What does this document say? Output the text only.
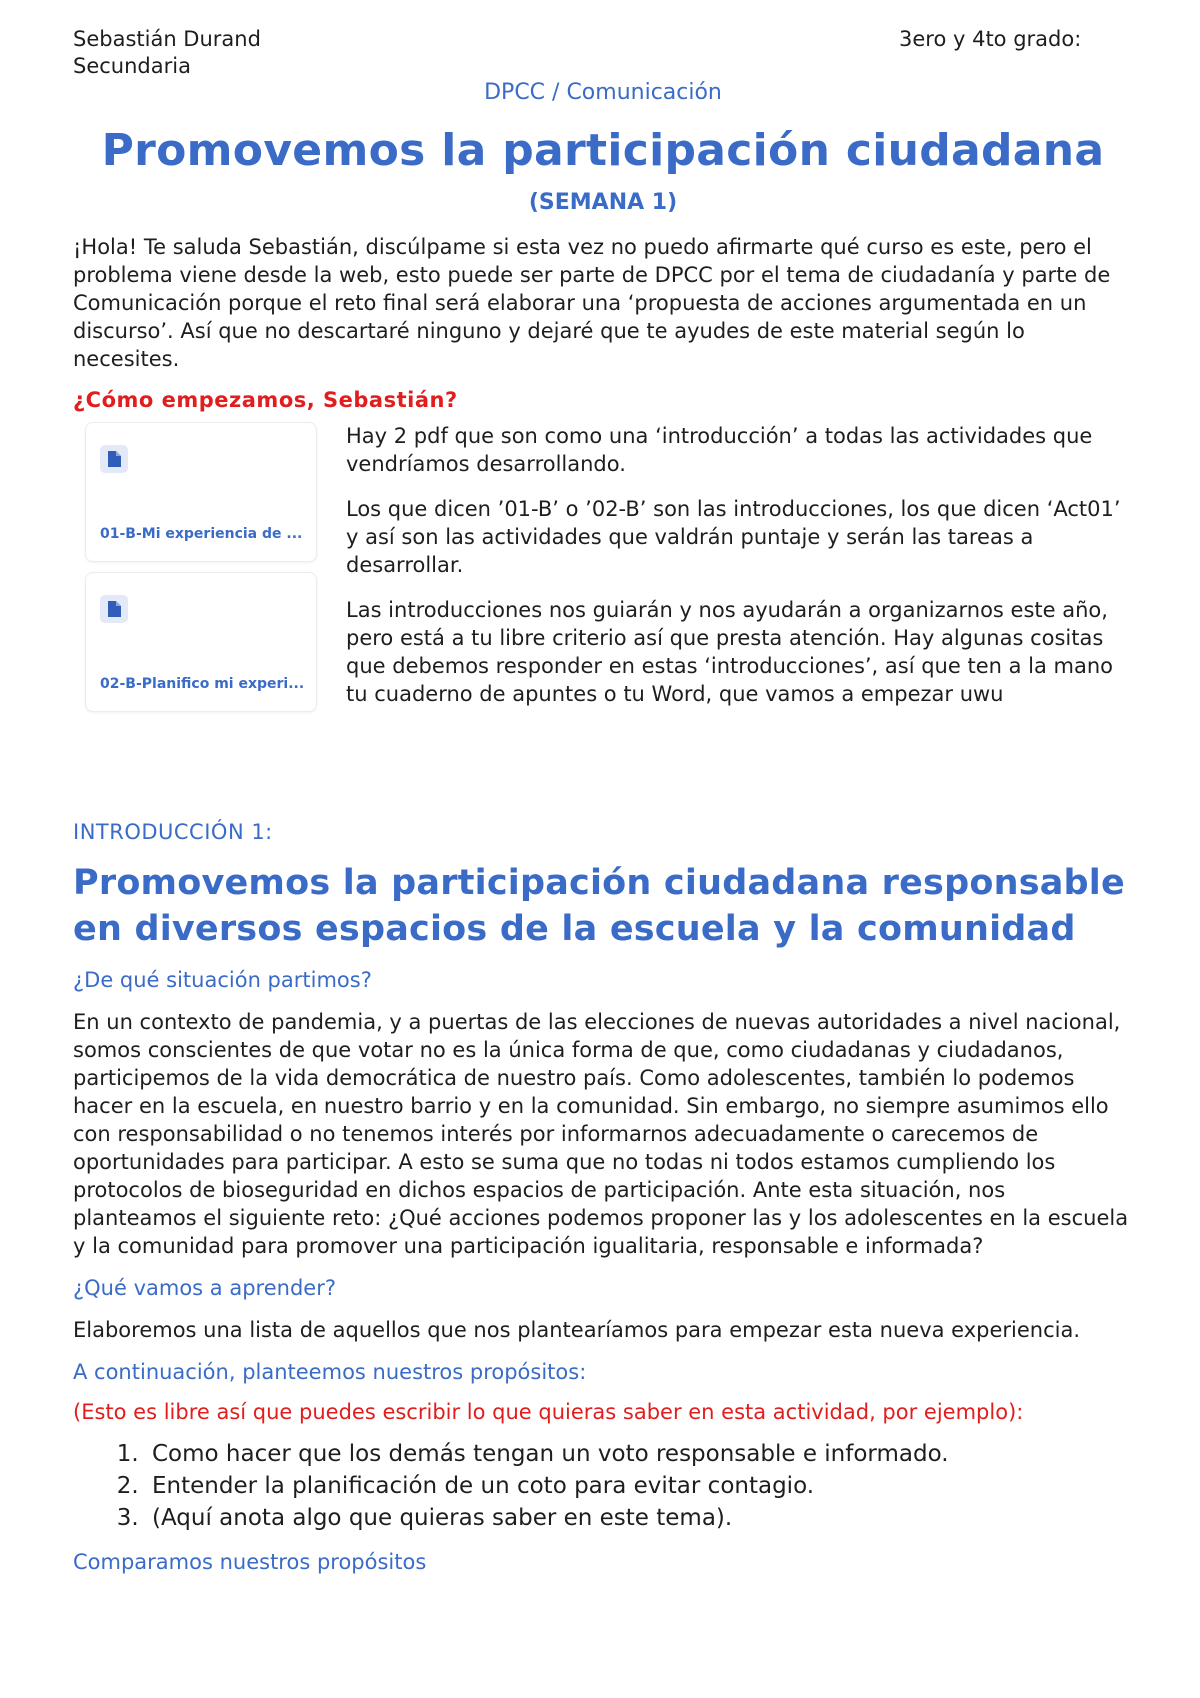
Sebastián Durand
Secundaria
3ero y 4to grado:
DPCC / Comunicación
Promovemos la participación ciudadana
(SEMANA 1)

¡Hola! Te saluda Sebastián, discúlpame si esta vez no puedo afirmarte qué curso es este, pero el problema viene desde la web, esto puede ser parte de DPCC por el tema de ciudadanía y parte de Comunicación porque el reto final será elaborar una ‘propuesta de acciones argumentada en un discurso’. Así que no descartaré ninguno y dejaré que te ayudes de este material según lo necesites.

¿Cómo empezamos, Sebastián?
01-B-Mi experiencia de ...
02-B-Planifico mi experi...

Hay 2 pdf que son como una ‘introducción’ a todas las actividades que vendríamos desarrollando.

Los que dicen ’01-B’ o ’02-B’ son las introducciones, los que dicen ‘Act01’ y así son las actividades que valdrán puntaje y serán las tareas a desarrollar.

Las introducciones nos guiarán y nos ayudarán a organizarnos este año, pero está a tu libre criterio así que presta atención. Hay algunas cositas que debemos responder en estas ‘introducciones’, así que ten a la mano tu cuaderno de apuntes o tu Word, que vamos a empezar uwu

INTRODUCCIÓN 1:
Promovemos la participación ciudadana responsable en diversos espacios de la escuela y la comunidad
¿De qué situación partimos?

En un contexto de pandemia, y a puertas de las elecciones de nuevas autoridades a nivel nacional, somos conscientes de que votar no es la única forma de que, como ciudadanas y ciudadanos, participemos de la vida democrática de nuestro país. Como adolescentes, también lo podemos hacer en la escuela, en nuestro barrio y en la comunidad. Sin embargo, no siempre asumimos ello con responsabilidad o no tenemos interés por informarnos adecuadamente o carecemos de oportunidades para participar. A esto se suma que no todas ni todos estamos cumpliendo los protocolos de bioseguridad en dichos espacios de participación. Ante esta situación, nos planteamos el siguiente reto: ¿Qué acciones podemos proponer las y los adolescentes en la escuela y la comunidad para promover una participación igualitaria, responsable e informada?

¿Qué vamos a aprender?

Elaboremos una lista de aquellos que nos plantearíamos para empezar esta nueva experiencia.

A continuación, planteemos nuestros propósitos:
(Esto es libre así que puedes escribir lo que quieras saber en esta actividad, por ejemplo):
1. Como hacer que los demás tengan un voto responsable e informado.
2. Entender la planificación de un coto para evitar contagio.
3. (Aquí anota algo que quieras saber en este tema).
Comparamos nuestros propósitos
